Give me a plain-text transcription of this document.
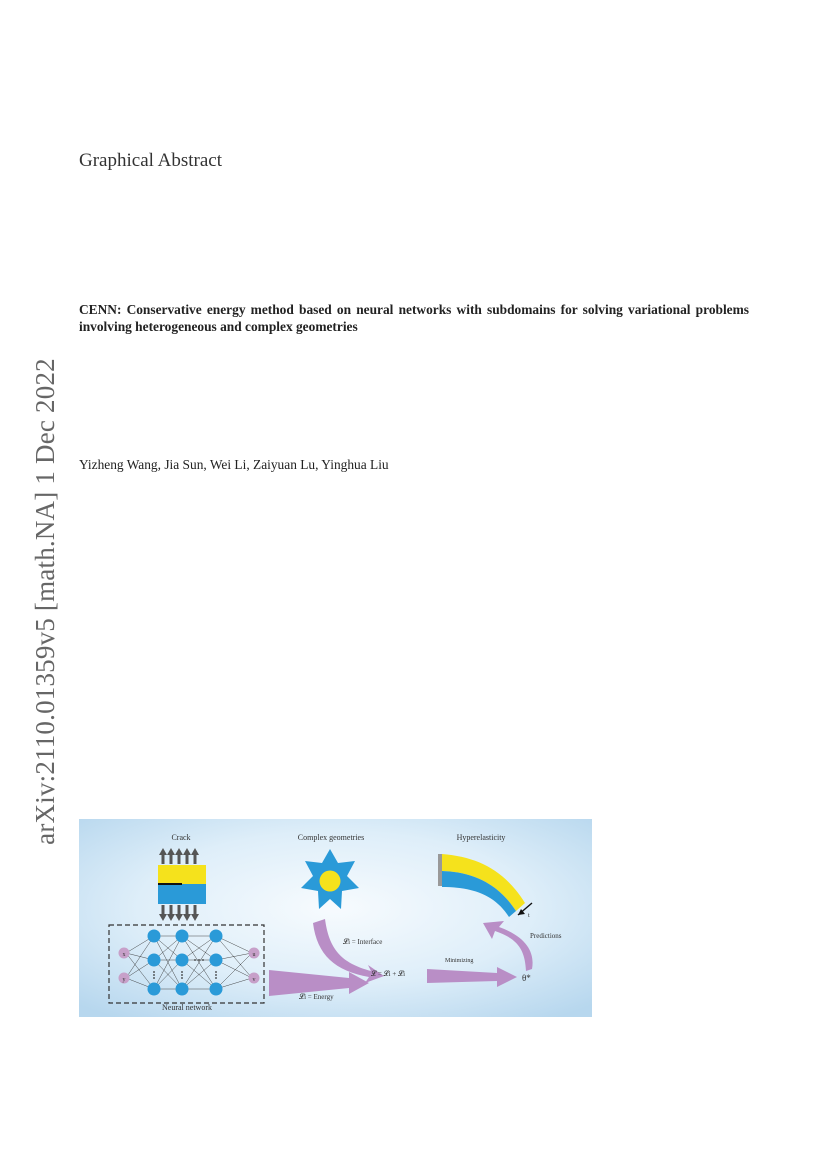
arXiv:2110.01359v5 [math.NA] 1 Dec 2022
Graphical Abstract
CENN: Conservative energy method based on neural networks with subdomains for solving variational problems involving heterogeneous and complex geometries
Yizheng Wang, Jia Sun, Wei Li, Zaiyuan Lu, Yinghua Liu
Crack	Complex geometries	Hyperelasticity
t
x
y
u
v
Neural network
𝓛i = Interface
𝓛 = 𝓛i + 𝓛i
𝓛i = Energy
Minimizing
Predictions
θ*
